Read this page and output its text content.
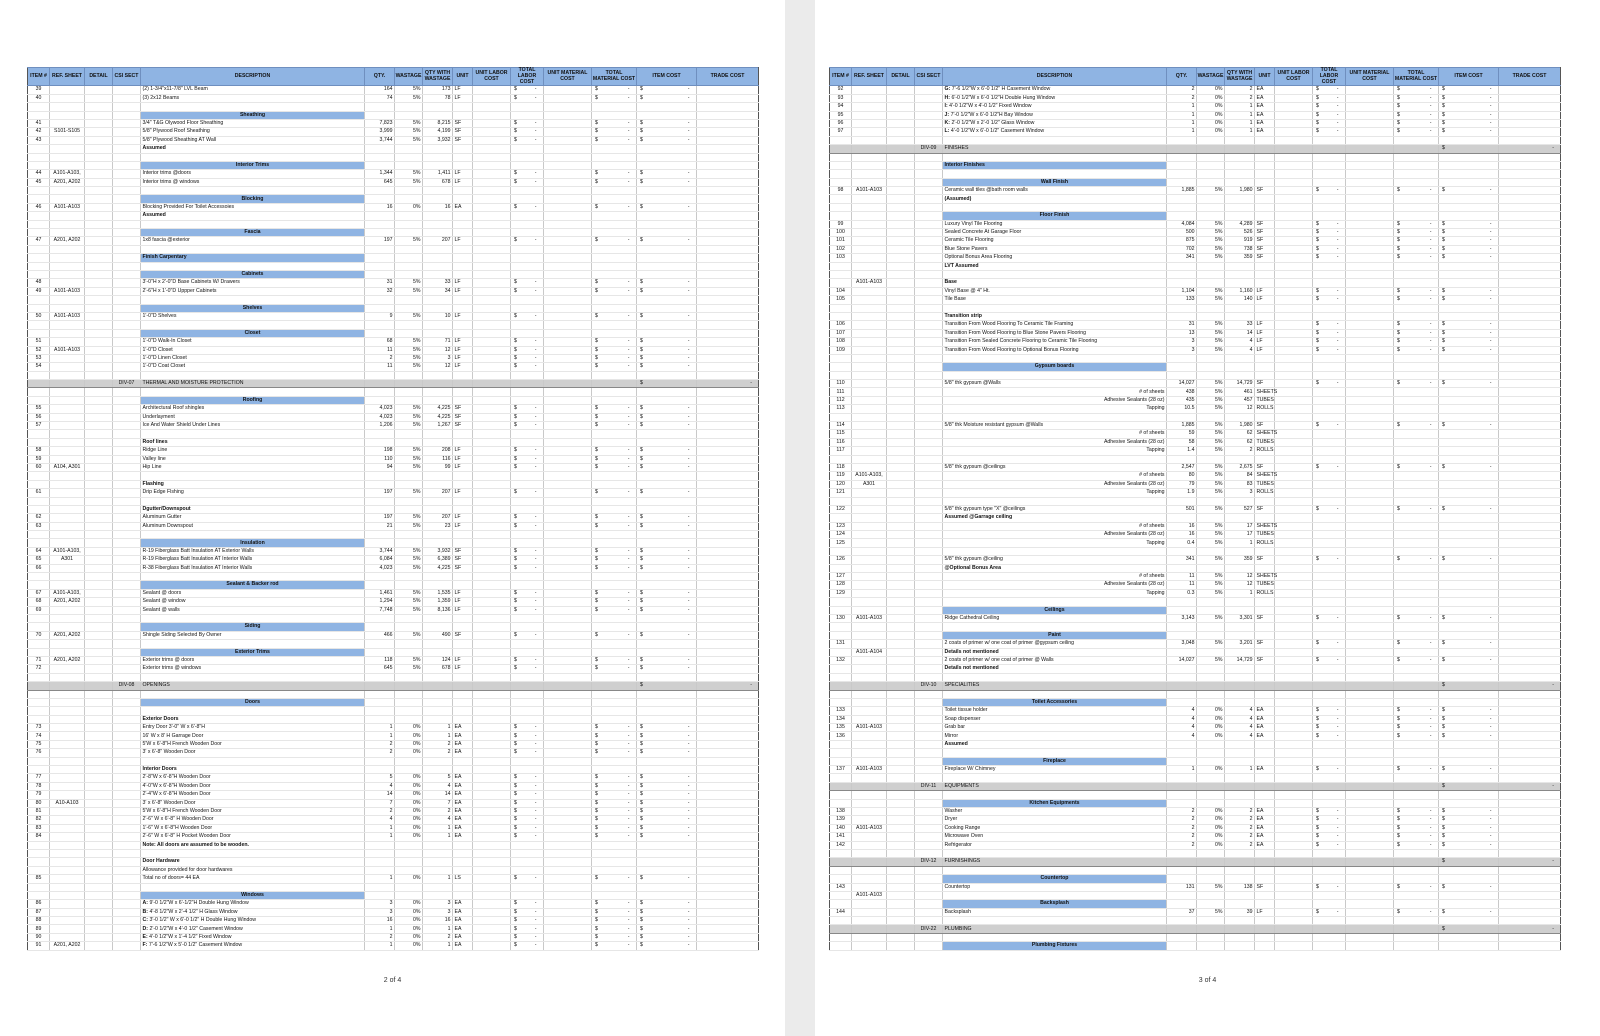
ITEM #	REF. SHEET	DETAIL	CSI SECT	DESCRIPTION	QTY.	WASTAGE	QTY WITH WASTAGE	UNIT	UNIT LABOR COST	TOTAL LABOR COST	UNIT MATERIAL COST	TOTAL MATERIAL COST	ITEM COST	TRADE COST
39				(2) 1-3/4"x11-7/8" LVL Beam	164	5%	173	LF		$ -		$ -	$ -	

40				(3) 2x12 Beams	74	5%	78	LF		$ -		$ -	$ -	

				Sheathing										
41				3/4" T&G Olywood Floor Sheathing	7,823	5%	8,215	SF		$ -		$ -	$ -	

42	S101-S105			5/8" Plywood Roof Sheathing	3,999	5%	4,199	SF		$ -		$ -	$ -	

43				5/8" Plywood Sheathing AT Wall	3,744	5%	3,932	SF		$ -		$ -	$ -	

				Assumed										

				Interior Trims										
44	A101-A103,			Interior trims @doors	1,344	5%	1,411	LF		$ -		$ -	$ -	

45	A201, A202			Interior trims @ windows	645	5%	678	LF		$ -		$ -	$ -	

				Blocking										
46	A101-A103			Blocking Provided For Toilet Accessoies	16	0%	16	EA		$ -		$ -	$ -	

				Assumed										

				Fascia										
47	A201, A202			1x8 fascia @exterior	197	5%	207	LF		$ -		$ -	$ -	

				Finish Carpentary										

				Cabinets										
48				3'-0"H x 2'-0"D Base Cabinets W/ Drawers	31	5%	33	LF		$ -		$ -	$ -	

49	A101-A103			2'-6"H x 1'-0"D Uppper Cabinets	32	5%	34	LF		$ -		$ -	$ -	

				Shelves										
50	A101-A103			1'-0"D Shelves	9	5%	10	LF		$ -		$ -	$ -	

				Closet										
51				1'-0"D Walk-In Closet	68	5%	71	LF		$ -		$ -	$ -	

52	A101-A103			1'-0"D Closet	11	5%	12	LF		$ -		$ -	$ -	

53				1'-0"D Linen Closet	2	5%	3	LF		$ -		$ -	$ -	

54				1'-0"D Coat Closet	11	5%	12	LF		$ -		$ -	$ -	

			DIV-07	THERMAL AND MOISTURE PROTECTION									$	-

				Roofing										
55				Architectural Roof shingles	4,023	5%	4,225	SF		$ -		$ -	$ -	

56				Underlayment	4,023	5%	4,225	SF		$ -		$ -	$ -	

57				Ice And Water Shield Under Lines	1,206	5%	1,267	SF		$ -		$ -	$ -	

				Roof lines										
58				Ridge Line	198	5%	208	LF		$ -		$ -	$ -	

59				Valley line	110	5%	116	LF		$ -		$ -	$ -	

60	A104, A301			Hip Line	94	5%	99	LF		$ -		$ -	$ -	

				Flashing										
61				Drip Edge Flshing	197	5%	207	LF		$ -		$ -	$ -	

				Dgutter/Downspout										
62				Aluminum Gutter	197	5%	207	LF		$ -		$ -	$ -	

63				Aluminum Downspout	21	5%	23	LF		$ -		$ -	$ -	

				Insulation										
64	A101-A103,			R-19 Fiberglass Batt Insulation AT Exterior Walls	3,744	5%	3,932	SF		$ -		$ -	$ -	

65	A301			R-19 Fiberglass Batt Insulation AT Interior Walls	6,084	5%	6,389	SF		$ -		$ -	$ -	

66				R-38 Fiberglass Batt Insulation AT Interior Walls	4,023	5%	4,225	SF		$ -		$ -	$ -	

				Sealant & Backer rod										
67	A101-A103,			Sealant @ doors	1,461	5%	1,535	LF		$ -		$ -	$ -	

68	A201, A202			Sealant @ window	1,294	5%	1,359	LF		$ -		$ -	$ -	

69				Sealant @ walls	7,748	5%	8,136	LF		$ -		$ -	$ -	

				Siding										
70	A201, A202			Shingle Siding Selected By Owner	466	5%	490	SF		$ -		$ -	$ -	

				Exterior Trims										
71	A201, A202			Exterior trims @ doors	118	5%	124	LF		$ -		$ -	$ -	

72				Exterior trims @ windows	645	5%	678	LF		$ -		$ -	$ -	

			DIV-08	OPENINGS									$	-

				Doors										

				Exterior Doors										
73				Entry Door 3'-0" W x 6'-8"H	1	0%	1	EA		$ -		$ -	$ -	

74				16' W x 8' H Garrage Door	1	0%	1	EA		$ -		$ -	$ -	

75				5'W x 6'-8"H French Wooden Door	2	0%	2	EA		$ -		$ -	$ -	

76				3' x 6'-8" Wooden Door	2	0%	2	EA		$ -		$ -	$ -	

				Interior Doors										
77				2'-8"W x 6'-8"H Wooden Door	5	0%	5	EA		$ -		$ -	$ -	

78				4'-0"W x 6'-8"H Wooden Door	4	0%	4	EA		$ -		$ -	$ -	

79				2'-4"W x 6'-8"H Wooden Door	14	0%	14	EA		$ -		$ -	$ -	

80	A10-A103			3' x 6'-8" Wooden Door	7	0%	7	EA		$ -		$ -	$ -	

81				5'W x 6'-8"H French Wooden Door	2	0%	2	EA		$ -		$ -	$ -	

82				2'-6" W x 6'-8" H Wooden Door	4	0%	4	EA		$ -		$ -	$ -	

83				1'-6" W x 6'-8"H Wooden Door	1	0%	1	EA		$ -		$ -	$ -	

84				2'-6" W x 6'-8" H Pocket Wooden Door	1	0%	1	EA		$ -		$ -	$ -	

				Note: All doors are assumed to be wooden.										

				Door Hardware										
				Allowance provided for door hardwares										
85				Total no of doors= 44 EA	1	0%	1	LS		$ -		$ -	$ -	

				Windows										
86				A: 9'-0 1/2"W x 6'-1/2"H Double Hung Window	3	0%	3	EA		$ -		$ -	$ -	

87				B: 4'-8 1/2"W x 2'-4 1/2" H Glass Window	3	0%	3	EA		$ -		$ -	$ -	

88				C: 3'-0 1/2" W x 6'-0 1/2" H Double Hung Window	16	0%	16	EA		$ -		$ -	$ -	

89				D: 2'-0 1/2"W x 4'-0 1/2" Casement Window	1	0%	1	EA		$ -		$ -	$ -	

90				E: 4'-0 1/2"W x 1'-4 1/2" Fixed Window	2	0%	2	EA		$ -		$ -	$ -	

91	A201, A202			F: 7'-6 1/2"W x 5'-0 1/2" Casement Window	1	0%	1	EA		$ -		$ -	$ -	

2 of 4
ITEM #	REF. SHEET	DETAIL	CSI SECT	DESCRIPTION	QTY.	WASTAGE	QTY WITH WASTAGE	UNIT	UNIT LABOR COST	TOTAL LABOR COST	UNIT MATERIAL COST	TOTAL MATERIAL COST	ITEM COST	TRADE COST
92				G: 7'-6 1/2"W x 6'-0 1/2" H Casement Window	2	0%	2	EA		$ -		$ -	$ -	

93				H: 6'-0 1/2"W x 6'-0 1/2"H Double Hung Window	2	0%	2	EA		$ -		$ -	$ -	

94				I: 4'-0 1/2"W x 4'-0 1/2" Fixed Window	1	0%	1	EA		$ -		$ -	$ -	

95				J: 7'-0 1/2"W x 6'-0 1/2"H Bay Window	1	0%	1	EA		$ -		$ -	$ -	

96				K: 2'-0 1/2"W x 2'-0 1/2" Glass Window	1	0%	1	EA		$ -		$ -	$ -	

97				L: 4'-0 1/2"W x 6'-0 1/2" Casement Window	1	0%	1	EA		$ -		$ -	$ -	

			DIV-09	FINISHES									$	-

				Interior Finishes										

				Wall Finish										
98	A101-A103			Ceramic wall tiles @bath room walls	1,885	5%	1,980	SF		$ -		$ -	$ -	

				(Assumed)										

				Floor Finish										
99				Luxury Vinyl Tile Flooring	4,084	5%	4,289	SF		$ -		$ -	$ -	

100				Sealed Concrete At Garage Floor	500	5%	526	SF		$ -		$ -	$ -	

101				Ceramic Tile Flooring	875	5%	919	SF		$ -		$ -	$ -	

102				Blue Stone Pavers	702	5%	738	SF		$ -		$ -	$ -	

103				Optional Bonus Area Flooring	341	5%	359	SF		$ -		$ -	$ -	

				LVT Assumed										

	A101-A103			Base										
104				Vinyl Base @ 4" Ht.	1,104	5%	1,160	LF		$ -		$ -	$ -	

105				Tile Base	133	5%	140	LF		$ -		$ -	$ -	

				Transition strip										
106				Transition From Wood Flooring To Ceramic Tile Framing	31	5%	33	LF		$ -		$ -	$ -	

107				Transition From Wood Flooring to Blue Stone Pavers Flooring	13	5%	14	LF		$ -		$ -	$ -	

108				Transition From Sealed Concrete Flooring to Ceramic Tile Flooring	3	5%	4	LF		$ -		$ -	$ -	

109				Transition From Wood Flooring to Optional Bonus Flooring	3	5%	4	LF		$ -		$ -	$ -	

				Gypsum boards										

110				5/8" thk gypsum @Walls	14,027	5%	14,729	SF		$ -		$ -	$ -	

111				# of sheets	438	5%	461	SHEETS						
112				Adhesive Sealants (28 oz)	435	5%	457	TUBES						
113				Tapping	10.5	5%	12	ROLLS						

114				5/8" thk Moisture resistant gypsum @Walls	1,885	5%	1,980	SF		$ -		$ -	$ -	

115				# of sheets	59	5%	62	SHEETS						
116				Adhesive Sealants (28 oz)	58	5%	62	TUBES						
117				Tapping	1.4	5%	2	ROLLS						

118				5/8" thk gypsum @ceilings	2,547	5%	2,675	SF		$ -		$ -	$ -	

119	A101-A103,			# of sheets	80	5%	84	SHEETS						
120	A301			Adhesive Sealants (28 oz)	79	5%	83	TUBES						
121				Tapping	1.9	5%	3	ROLLS						

122				5/8" thk gypsum type "X" @ceilings	501	5%	527	SF		$ -		$ -	$ -	

				Assumed @Garrage ceiling										
123				# of sheets	16	5%	17	SHEETS						
124				Adhesive Sealants (28 oz)	16	5%	17	TUBES						
125				Tapping	0.4	5%	1	ROLLS						

126				5/8" thk gypsum @ceiling	341	5%	359	SF		$ -		$ -	$ -	

				@Optional Bonus Area										
127				# of sheets	11	5%	12	SHEETS						
128				Adhesive Sealants (28 oz)	11	5%	12	TUBES						
129				Tapping	0.3	5%	1	ROLLS						

				Ceilings										
130	A101-A103			Ridge Cathedral Ceiling	3,143	5%	3,301	SF		$ -		$ -	$ -	

				Paint										
131				2 coats of primer w/ one coat of primer @gypsum ceiling	3,048	5%	3,201	SF		$ -		$ -	$ -	

	A101-A104			Details not mentioned										
132				2 coats of primer w/ one coat of primer @ Walls	14,027	5%	14,729	SF		$ -		$ -	$ -	

				Details not mentioned										

			DIV-10	SPECIALITIES									$	-

				Toilet Accessories										
133				Toilet tissue holder	4	0%	4	EA		$ -		$ -	$ -	

134				Soap dispenser	4	0%	4	EA		$ -		$ -	$ -	

135	A101-A103			Grab bar	4	0%	4	EA		$ -		$ -	$ -	

136				Mirror	4	0%	4	EA		$ -		$ -	$ -	

				Assumed										

				Fireplace										
137	A101-A103			Fireplace W/ Chimney	1	0%	1	EA		$ -		$ -	$ -	

			DIV-11	EQUIPMENTS									$	-

				Kitchen Equipments										
138				Washer	2	0%	2	EA		$ -		$ -	$ -	

139				Dryer	2	0%	2	EA		$ -		$ -	$ -	

140	A101-A103			Cooking Range	2	0%	2	EA		$ -		$ -	$ -	

141				Microwave Oven	2	0%	2	EA		$ -		$ -	$ -	

142				Refrigerator	2	0%	2	EA		$ -		$ -	$ -	

			DIV-12	FURNISHINGS									$	-

				Countertop										
143				Countertop	131	5%	138	SF		$ -		$ -	$ -	

	A101-A103													
				Backsplash										
144				Backsplash	37	5%	39	LF		$ -		$ -	$ -	

			DIV-22	PLUMBING									$	-

				Plumbing Fixtures										
3 of 4
